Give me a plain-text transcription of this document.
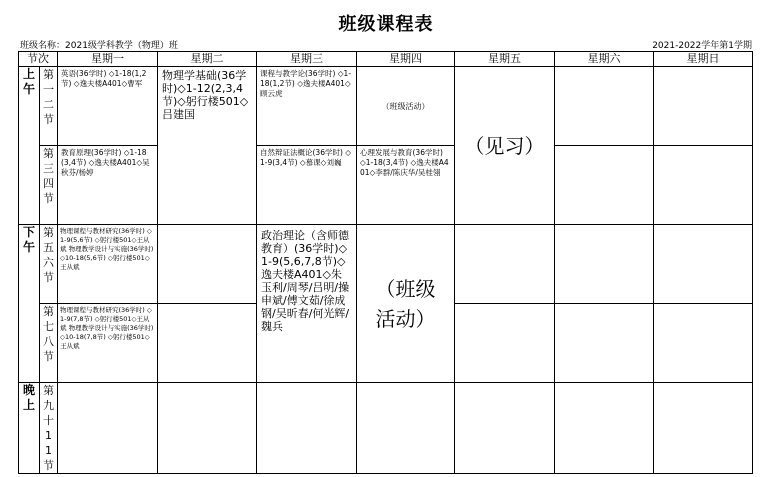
班级课程表
班级名称：2021级学科教学（物理）班	2021-2022学年第1学期
节次		星期一	星期二	星期三	星期四	星期五	星期六	星期日
上午	第一二节	英语(36学时) ◇1-18(1,2节) ◇逸夫楼A401◇曹军	物理学基础(36学时)◇1-12(2,3,4节)◇躬行楼501◇吕建国	课程与教学论(36学时) ◇1-18(1,2节) ◇逸夫楼A401◇顾云虎	（班级活动）	（见习）		

	第三四节	教育原理(36学时) ◇1-18(3,4节) ◇逸夫楼A401◇吴秋芬/杨婷		自然辩证法概论(36学时) ◇1-9(3,4节) ◇慕课◇刘巍	心理发展与教育(36学时) ◇1-18(3,4节) ◇逸夫楼A401◇李群/陈庆华/吴桂翎			

下午	第五六节	物理课程与教材研究(36学时) ◇1-9(5,6节) ◇躬行楼501◇王从斌 物理教学设计与实施(36学时) ◇10-18(5,6节) ◇躬行楼501◇王从斌		政治理论（含师德教育）(36学时)◇1-9(5,6,7,8节)◇逸夫楼A401◇朱玉利/周琴/吕明/操申斌/傅文茹/徐成钢/吴昕春/何光辉/魏兵	（班级活动）			

	第七八节	物理课程与教材研究(36学时) ◇1-9(7,8节) ◇躬行楼501◇王从斌 物理教学设计与实施(36学时) ◇10-18(7,8节) ◇躬行楼501◇王从斌						

晚上	第九十11节							
